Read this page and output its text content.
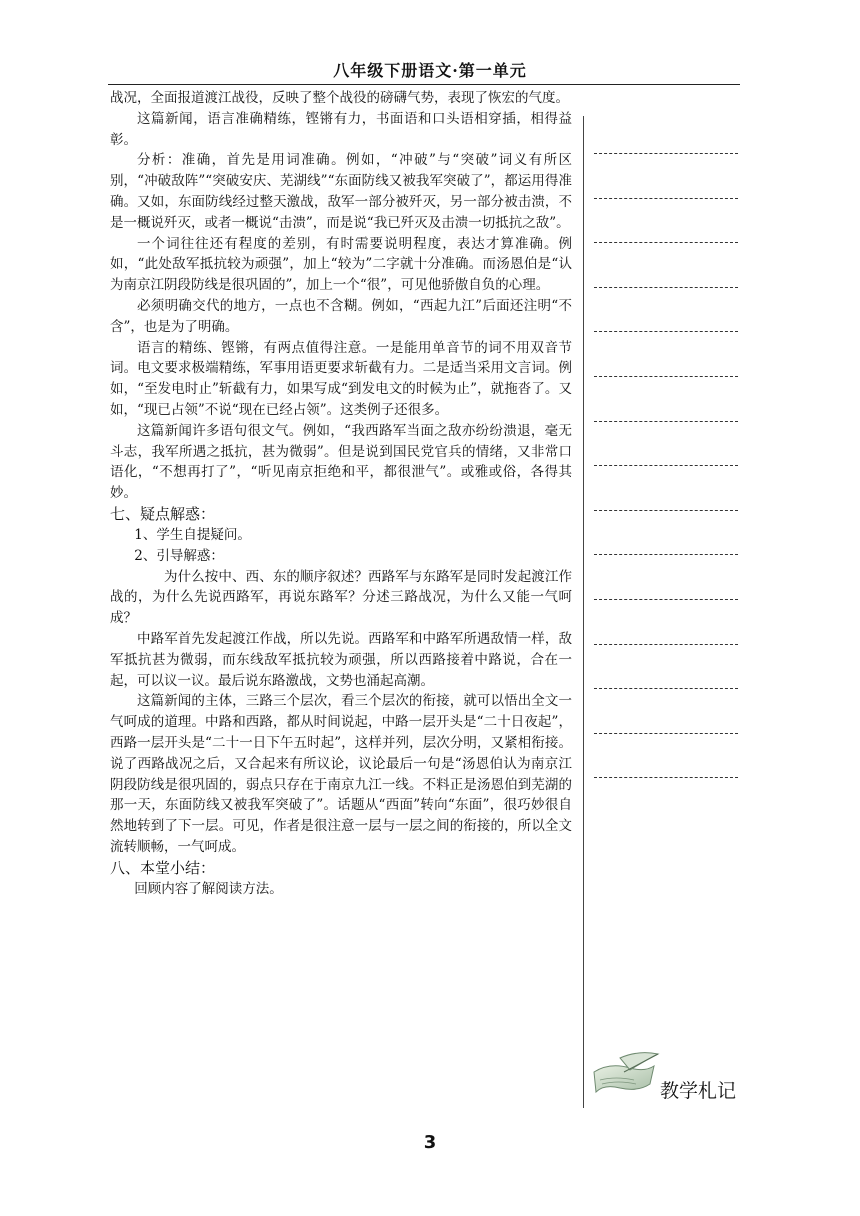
八年级下册语文·第一单元

战况，全面报道渡江战役，反映了整个战役的磅礴气势，表现了恢宏的气度。

这篇新闻，语言准确精练，铿锵有力，书面语和口头语相穿插，相得益彰。

分析：准确，首先是用词准确。例如，“冲破”与“突破”词义有所区别，“冲破敌阵”“突破安庆、芜湖线”“东面防线又被我军突破了”，都运用得准确。又如，东面防线经过整天激战，敌军一部分被歼灭，另一部分被击溃，不是一概说歼灭，或者一概说“击溃”，而是说“我已歼灭及击溃一切抵抗之敌”。

一个词往往还有程度的差别，有时需要说明程度，表达才算准确。例如，“此处敌军抵抗较为顽强”，加上“较为”二字就十分准确。而汤恩伯是“认为南京江阴段防线是很巩固的”，加上一个“很”，可见他骄傲自负的心理。

必须明确交代的地方，一点也不含糊。例如，“西起九江”后面还注明“不含”，也是为了明确。

语言的精练、铿锵，有两点值得注意。一是能用单音节的词不用双音节词。电文要求极端精练，军事用语更要求斩截有力。二是适当采用文言词。例如，“至发电时止”斩截有力，如果写成“到发电文的时候为止”，就拖沓了。又如，“现已占领”不说“现在已经占领”。这类例子还很多。

这篇新闻许多语句很文气。例如，“我西路军当面之敌亦纷纷溃退，毫无斗志，我军所遇之抵抗，甚为微弱”。但是说到国民党官兵的情绪，又非常口语化，“不想再打了”，“听见南京拒绝和平，都很泄气”。或雅或俗，各得其妙。

七、疑点解惑：

1、学生自提疑问。

2、引导解惑：

为什么按中、西、东的顺序叙述？西路军与东路军是同时发起渡江作战的，为什么先说西路军，再说东路军？分述三路战况，为什么又能一气呵成？

中路军首先发起渡江作战，所以先说。西路军和中路军所遇敌情一样，敌军抵抗甚为微弱，而东线敌军抵抗较为顽强，所以西路接着中路说，合在一起，可以议一议。最后说东路激战，文势也涌起高潮。

这篇新闻的主体，三路三个层次，看三个层次的衔接，就可以悟出全文一气呵成的道理。中路和西路，都从时间说起，中路一层开头是“二十日夜起”，西路一层开头是“二十一日下午五时起”，这样并列，层次分明，又紧相衔接。说了西路战况之后，又合起来有所议论，议论最后一句是“汤恩伯认为南京江阴段防线是很巩固的，弱点只存在于南京九江一线。不料正是汤恩伯到芜湖的那一天，东面防线又被我军突破了”。话题从“西面”转向“东面”，很巧妙很自然地转到了下一层。可见，作者是很注意一层与一层之间的衔接的，所以全文流转顺畅，一气呵成。

八、本堂小结：

回顾内容了解阅读方法。

教学札记
3
